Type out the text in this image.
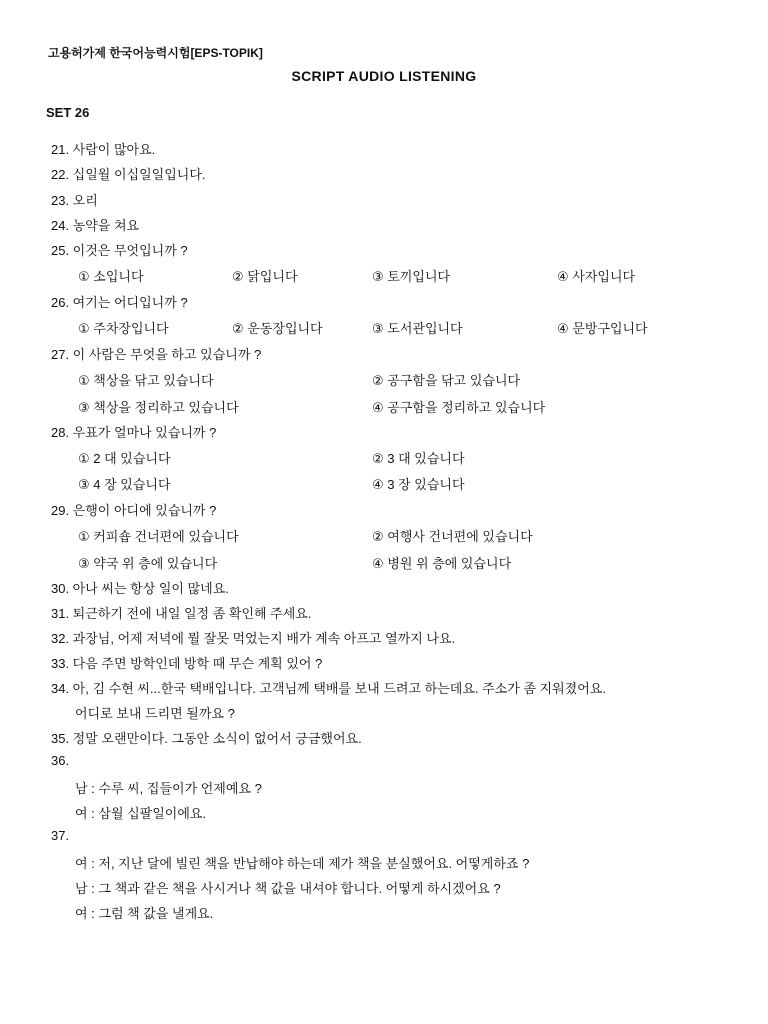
고용허가제 한국어능력시험[EPS-TOPIK]
SCRIPT AUDIO LISTENING
SET 26
21. 사람이 많아요.
22. 십일월 이십일일입니다.
23. 오리
24. 농약을 쳐요
25. 이것은 무엇입니까 ?
① 소입니다	② 닭입니다	③ 토끼입니다	④ 사자입니다
26. 여기는 어디입니까 ?
① 주차장입니다	② 운동장입니다	③ 도서관입니다	④ 문방구입니다
27. 이 사람은 무엇을 하고 있습니까 ?
① 책상을 닦고 있습니다	② 공구함을 닦고 있습니다
③ 책상을 정리하고 있습니다	④ 공구함을 정리하고 있습니다
28. 우표가 얼마나 있습니까 ?
① 2 대 있습니다	② 3 대 있습니다
③ 4 장 있습니다	④ 3 장 있습니다
29. 은행이 아디에 있습니까 ?
① 커피숍 건너편에 있습니다	② 여행사 건너편에 있습니다
③ 약국 위 층에 있습니다	④ 병원 위 층에 있습니다
30. 아나 씨는 항상 일이 많네요.
31. 퇴근하기 전에 내일 일정 좀 확인해 주세요.
32. 과장님, 어제 저녁에 뭘 잘못 먹었는지 배가 계속 아프고 열까지 나요.
33. 다음 주면 방학인데 방학 때 무슨 계획 있어 ?
34. 아, 김 수현 씨...한국 택배입니다. 고객님께 택배를 보내 드려고 하는데요. 주소가 좀 지워졌어요.
어디로 보내 드리면 될까요 ?
35. 정말 오랜만이다. 그동안 소식이 없어서 긍금했어요.
36.
남 : 수루 씨, 집들이가 언제예요 ?
여 : 삼월 십팔일이에요.
37.
여 : 저, 지난 달에 빌린 책을 반납해야 하는데 제가 책을 분실했어요. 어떻게하죠 ?
남 : 그 책과 같은 책을 사시거나 책 값을 내셔야 합니다. 어떻게 하시겠어요 ?
여 : 그럼 책 값을 낼게요.
